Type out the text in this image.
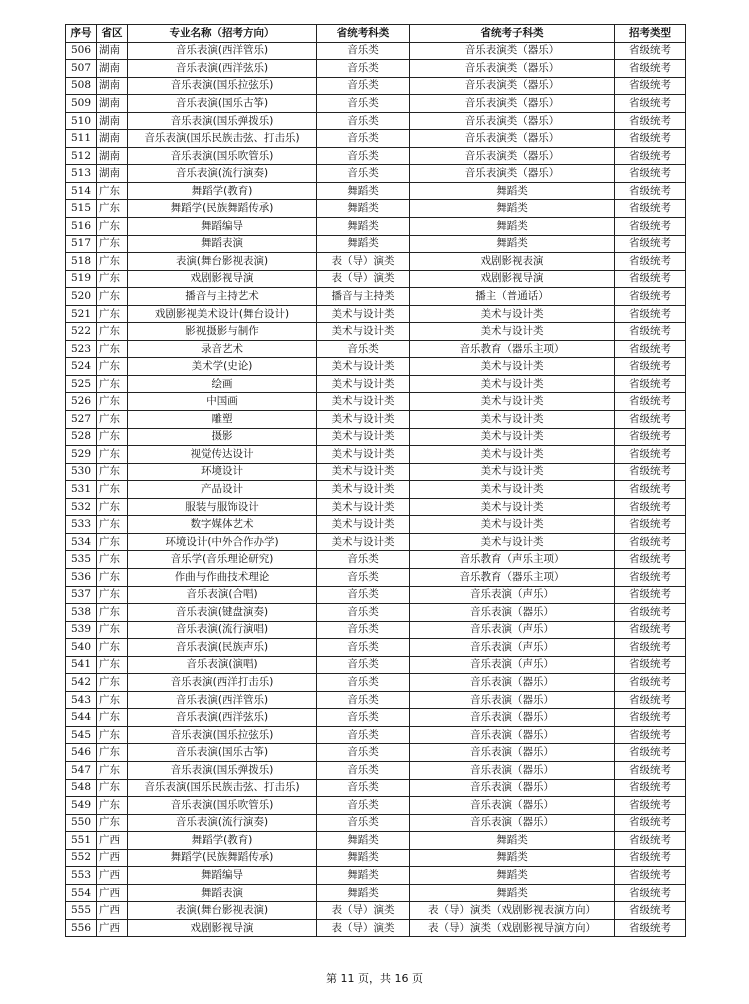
序号	省区	专业名称（招考方向）	省统考科类	省统考子科类	招考类型
506	湖南	音乐表演(西洋管乐)	音乐类	音乐表演类（器乐）	省级统考
507	湖南	音乐表演(西洋弦乐)	音乐类	音乐表演类（器乐）	省级统考
508	湖南	音乐表演(国乐拉弦乐)	音乐类	音乐表演类（器乐）	省级统考
509	湖南	音乐表演(国乐古筝)	音乐类	音乐表演类（器乐）	省级统考
510	湖南	音乐表演(国乐弹拨乐)	音乐类	音乐表演类（器乐）	省级统考
511	湖南	音乐表演(国乐民族击弦、打击乐)	音乐类	音乐表演类（器乐）	省级统考
512	湖南	音乐表演(国乐吹管乐)	音乐类	音乐表演类（器乐）	省级统考
513	湖南	音乐表演(流行演奏)	音乐类	音乐表演类（器乐）	省级统考
514	广东	舞蹈学(教育)	舞蹈类	舞蹈类	省级统考
515	广东	舞蹈学(民族舞蹈传承)	舞蹈类	舞蹈类	省级统考
516	广东	舞蹈编导	舞蹈类	舞蹈类	省级统考
517	广东	舞蹈表演	舞蹈类	舞蹈类	省级统考
518	广东	表演(舞台影视表演)	表（导）演类	戏剧影视表演	省级统考
519	广东	戏剧影视导演	表（导）演类	戏剧影视导演	省级统考
520	广东	播音与主持艺术	播音与主持类	播主（普通话）	省级统考
521	广东	戏剧影视美术设计(舞台设计)	美术与设计类	美术与设计类	省级统考
522	广东	影视摄影与制作	美术与设计类	美术与设计类	省级统考
523	广东	录音艺术	音乐类	音乐教育（器乐主项）	省级统考
524	广东	美术学(史论)	美术与设计类	美术与设计类	省级统考
525	广东	绘画	美术与设计类	美术与设计类	省级统考
526	广东	中国画	美术与设计类	美术与设计类	省级统考
527	广东	雕塑	美术与设计类	美术与设计类	省级统考
528	广东	摄影	美术与设计类	美术与设计类	省级统考
529	广东	视觉传达设计	美术与设计类	美术与设计类	省级统考
530	广东	环境设计	美术与设计类	美术与设计类	省级统考
531	广东	产品设计	美术与设计类	美术与设计类	省级统考
532	广东	服装与服饰设计	美术与设计类	美术与设计类	省级统考
533	广东	数字媒体艺术	美术与设计类	美术与设计类	省级统考
534	广东	环境设计(中外合作办学)	美术与设计类	美术与设计类	省级统考
535	广东	音乐学(音乐理论研究)	音乐类	音乐教育（声乐主项）	省级统考
536	广东	作曲与作曲技术理论	音乐类	音乐教育（器乐主项）	省级统考
537	广东	音乐表演(合唱)	音乐类	音乐表演（声乐）	省级统考
538	广东	音乐表演(键盘演奏)	音乐类	音乐表演（器乐）	省级统考
539	广东	音乐表演(流行演唱)	音乐类	音乐表演（声乐）	省级统考
540	广东	音乐表演(民族声乐)	音乐类	音乐表演（声乐）	省级统考
541	广东	音乐表演(演唱)	音乐类	音乐表演（声乐）	省级统考
542	广东	音乐表演(西洋打击乐)	音乐类	音乐表演（器乐）	省级统考
543	广东	音乐表演(西洋管乐)	音乐类	音乐表演（器乐）	省级统考
544	广东	音乐表演(西洋弦乐)	音乐类	音乐表演（器乐）	省级统考
545	广东	音乐表演(国乐拉弦乐)	音乐类	音乐表演（器乐）	省级统考
546	广东	音乐表演(国乐古筝)	音乐类	音乐表演（器乐）	省级统考
547	广东	音乐表演(国乐弹拨乐)	音乐类	音乐表演（器乐）	省级统考
548	广东	音乐表演(国乐民族击弦、打击乐)	音乐类	音乐表演（器乐）	省级统考
549	广东	音乐表演(国乐吹管乐)	音乐类	音乐表演（器乐）	省级统考
550	广东	音乐表演(流行演奏)	音乐类	音乐表演（器乐）	省级统考
551	广西	舞蹈学(教育)	舞蹈类	舞蹈类	省级统考
552	广西	舞蹈学(民族舞蹈传承)	舞蹈类	舞蹈类	省级统考
553	广西	舞蹈编导	舞蹈类	舞蹈类	省级统考
554	广西	舞蹈表演	舞蹈类	舞蹈类	省级统考
555	广西	表演(舞台影视表演)	表（导）演类	表（导）演类（戏剧影视表演方向）	省级统考
556	广西	戏剧影视导演	表（导）演类	表（导）演类（戏剧影视导演方向）	省级统考
第 11 页，共 16 页
